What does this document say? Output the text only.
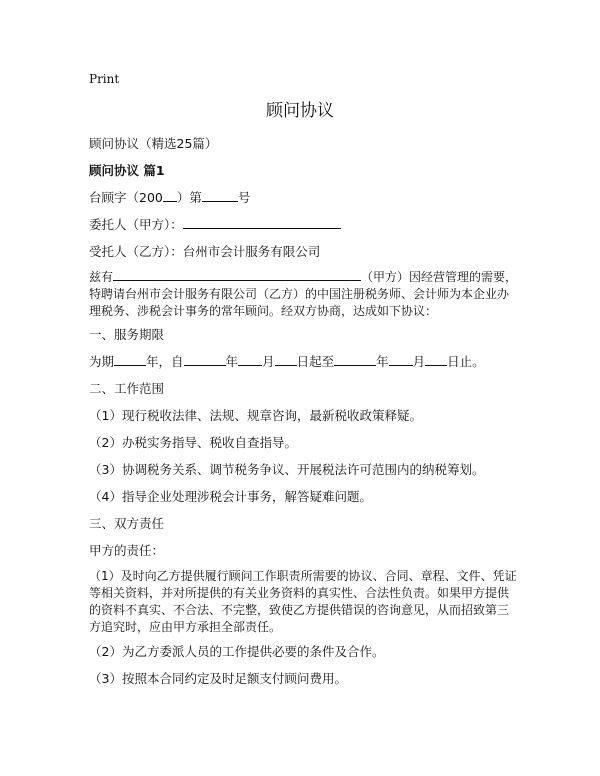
Print
顾问协议
顾问协议（精选25篇）
顾问协议 篇1
台顾字（200 ）第	号
委托人（甲方）：
受托人（乙方）：台州市会计服务有限公司
兹有	（甲方）因经营管理的需要，特聘请台州市会计服务有限公司（乙方）的中国注册税务师、会计师为本企业办理税务、涉税会计事务的常年顾问。经双方协商，达成如下协议：
一、服务期限
为期	年，自	年 月 日起至	年 月 日止。
二、工作范围
（1）现行税收法律、法规、规章咨询，最新税收政策释疑。
（2）办税实务指导、税收自查指导。
（3）协调税务关系、调节税务争议、开展税法许可范围内的纳税筹划。
（4）指导企业处理涉税会计事务，解答疑难问题。
三、双方责任
甲方的责任：
（1）及时向乙方提供履行顾问工作职责所需要的协议、合同、章程、文件、凭证等相关资料，并对所提供的有关业务资料的真实性、合法性负责。如果甲方提供的资料不真实、不合法、不完整，致使乙方提供错误的咨询意见，从而招致第三方追究时，应由甲方承担全部责任。
（2）为乙方委派人员的工作提供必要的条件及合作。
（3）按照本合同约定及时足额支付顾问费用。
